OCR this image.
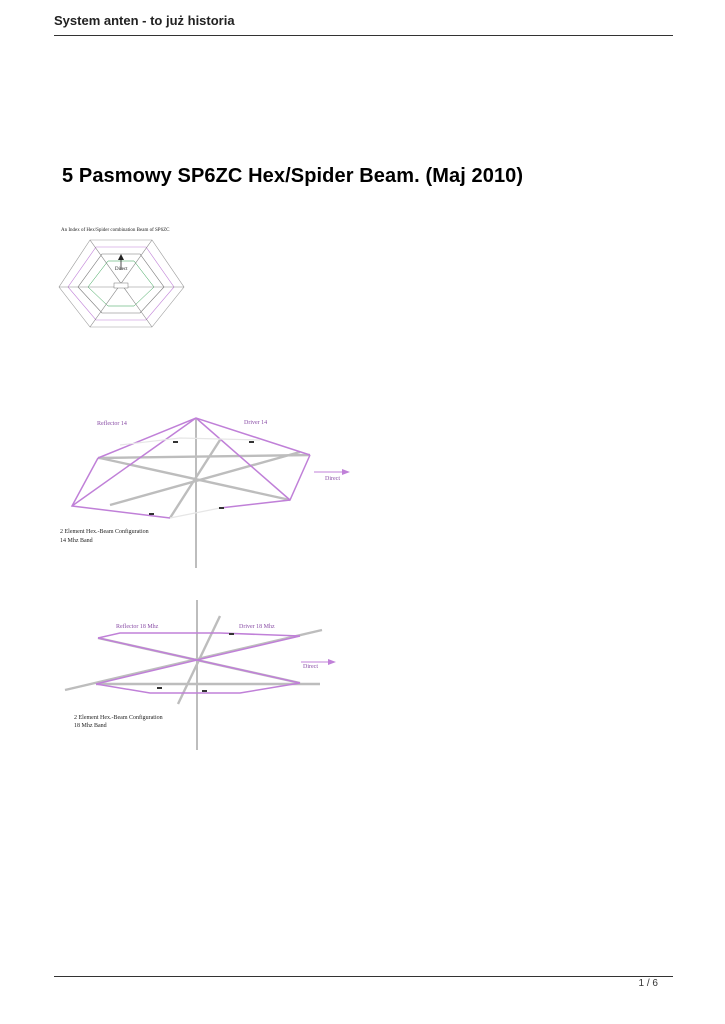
System anten - to już historia
5 Pasmowy SP6ZC Hex/Spider Beam. (Maj 2010)
An Index of Hex/Spider combination Beam of SP6ZC
Direct
Reflector 14	Driver 14
Direct
2 Element Hex.-Beam Configuration
14 Mhz Band
Reflector 18 Mhz	Driver 18 Mhz
Direct
2 Element Hex.-Beam Configuration
18 Mhz Band
1 / 6
